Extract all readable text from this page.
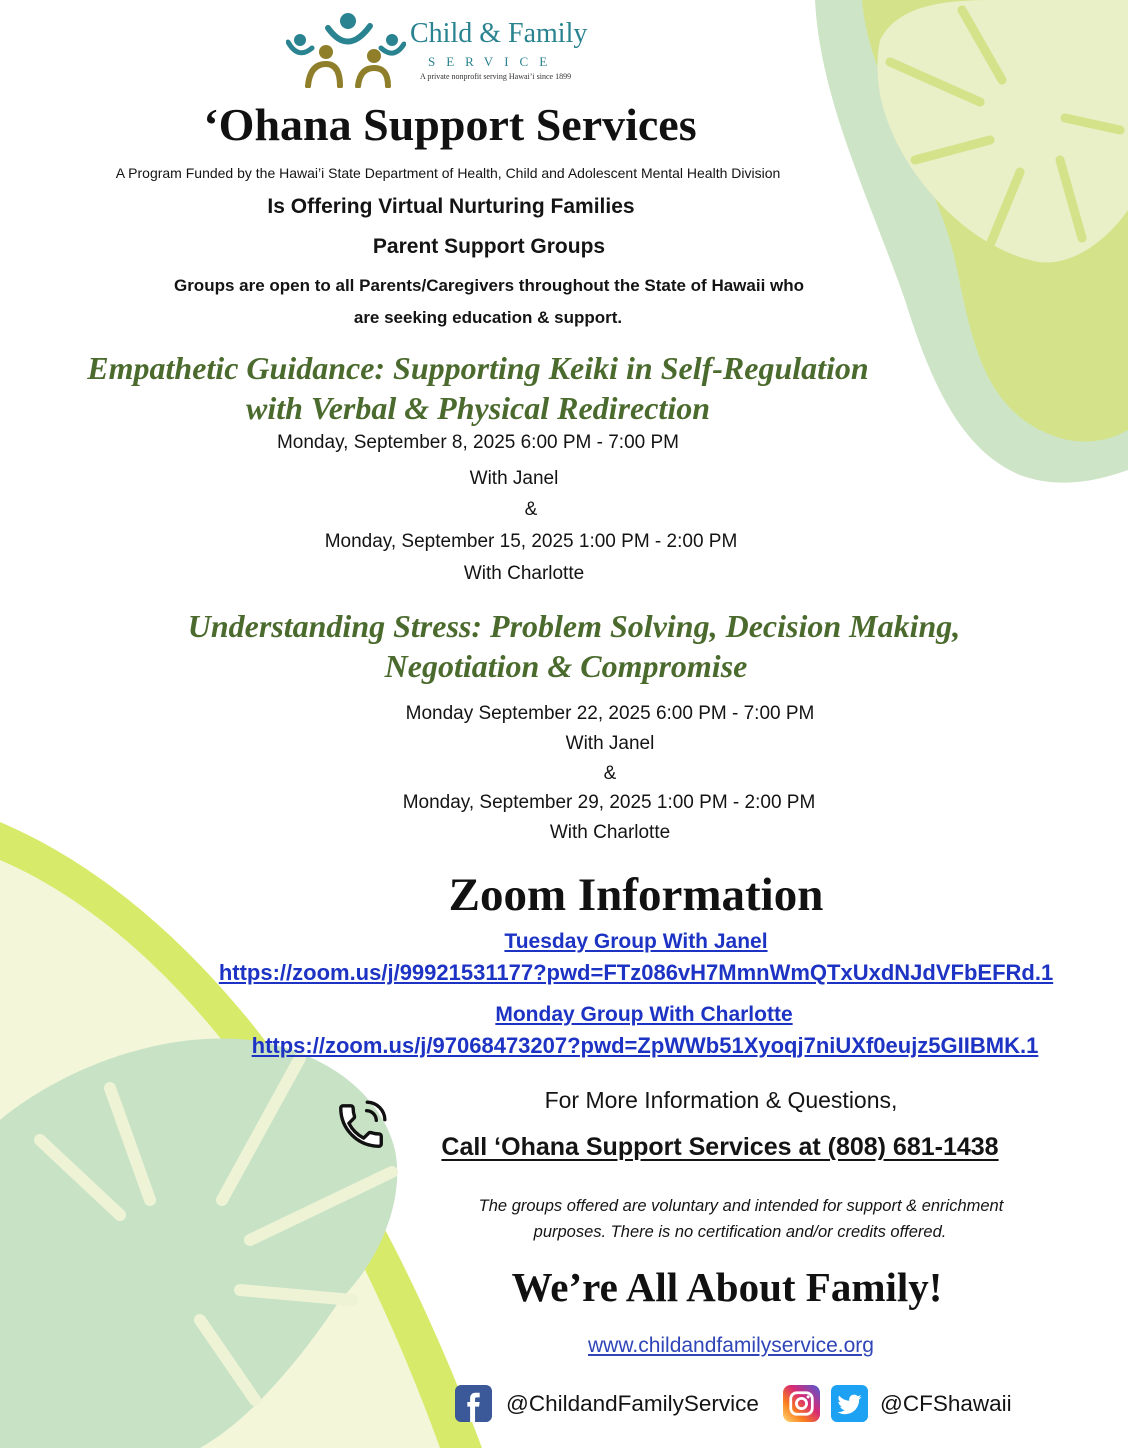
Child & Family
SERVICE
A private nonprofit serving Hawai’i since 1899
‘Ohana Support Services
A Program Funded by the Hawai’i State Department of Health, Child and Adolescent Mental Health Division
Is Offering Virtual Nurturing Families
Parent Support Groups
Groups are open to all Parents/Caregivers throughout the State of Hawaii who
are seeking education & support.
Empathetic Guidance: Supporting Keiki in Self-Regulation
with Verbal & Physical Redirection
Monday, September 8, 2025 6:00 PM - 7:00 PM
With Janel
&
Monday, September 15, 2025 1:00 PM - 2:00 PM
With Charlotte
Understanding Stress: Problem Solving, Decision Making,
Negotiation & Compromise
Monday September 22, 2025 6:00 PM - 7:00 PM
With Janel
&
Monday, September 29, 2025 1:00 PM - 2:00 PM
With Charlotte
Zoom Information
Tuesday Group With Janel
https://zoom.us/j/99921531177?pwd=FTz086vH7MmnWmQTxUxdNJdVFbEFRd.1
Monday Group With Charlotte
https://zoom.us/j/97068473207?pwd=ZpWWb51Xyoqj7niUXf0eujz5GIIBMK.1
For More Information & Questions,
Call ‘Ohana Support Services at (808) 681-1438
The groups offered are voluntary and intended for support & enrichment
purposes. There is no certification and/or credits offered.
We’re All About Family!
www.childandfamilyservice.org
@ChildandFamilyService	@CFShawaii
